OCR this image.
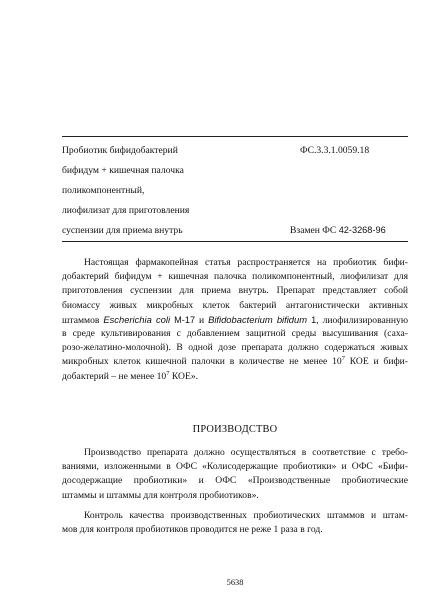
Пробиотик бифидобактерий
бифидум + кишечная палочка
поликомпонентный,
лиофилизат для приготовления
суспензии для приема внутрь
ФС.3.3.1.0059.18
Взамен ФС 42-3268-96
Настоящая фармакопейная статья распространяется на пробиотик бифи-
добактерий бифидум + кишечная палочка поликомпонентный, лиофилизат для
приготовления суспензии для приема внутрь. Препарат представляет собой
биомассу живых микробных клеток бактерий антагонистически активных
штаммов Escherichia coli M-17 и Bifidobacterium bifidum 1, лиофилизированную
в среде культивирования с добавлением защитной среды высушивания (саха-
розо-желатино-молочной). В одной дозе препарата должно содержаться живых
микробных клеток кишечной палочки в количестве не менее $10^7$ КОЕ и бифи-
добактерий – не менее $10^7$ КОЕ».
ПРОИЗВОДСТВО
Производство препарата должно осуществляться в соответствие с требо-
ваниями, изложенными в ОФС «Колисодержащие пробиотики» и ОФС «Бифи-
досодержащие пробиотики» и ОФС «Производственные пробиотические
штаммы и штаммы для контроля пробиотиков».
Контроль качества производственных пробиотических штаммов и штам-
мов для контроля пробиотиков проводится не реже 1 раза в год.
5638
